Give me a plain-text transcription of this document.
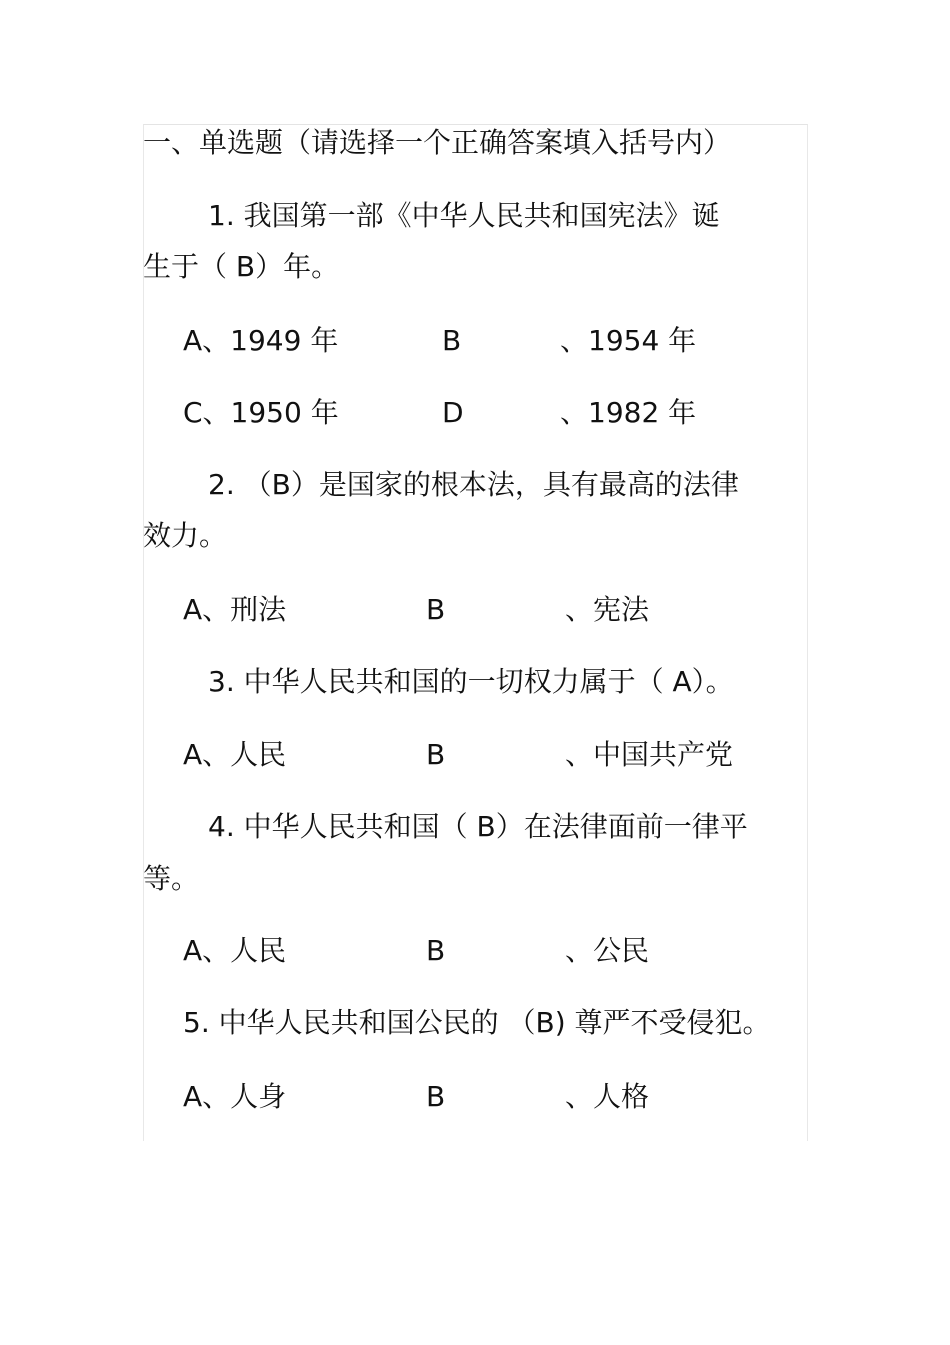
一、单选题（请选择一个正确答案填入括号内）
1. 我国第一部《中华人民共和国宪法》诞
生于（ B）年。
A、1949 年	B	、1954 年
C、1950 年	D	、1982 年
2. （B）是国家的根本法，具有最高的法律
效力。
A、刑法	B	、宪法
3. 中华人民共和国的一切权力属于（ A）。
A、人民	B	、中国共产党
4. 中华人民共和国（ B）在法律面前一律平
等。
A、人民	B	、公民
5. 中华人民共和国公民的 （B) 尊严不受侵犯。
A、人身	B	、人格
